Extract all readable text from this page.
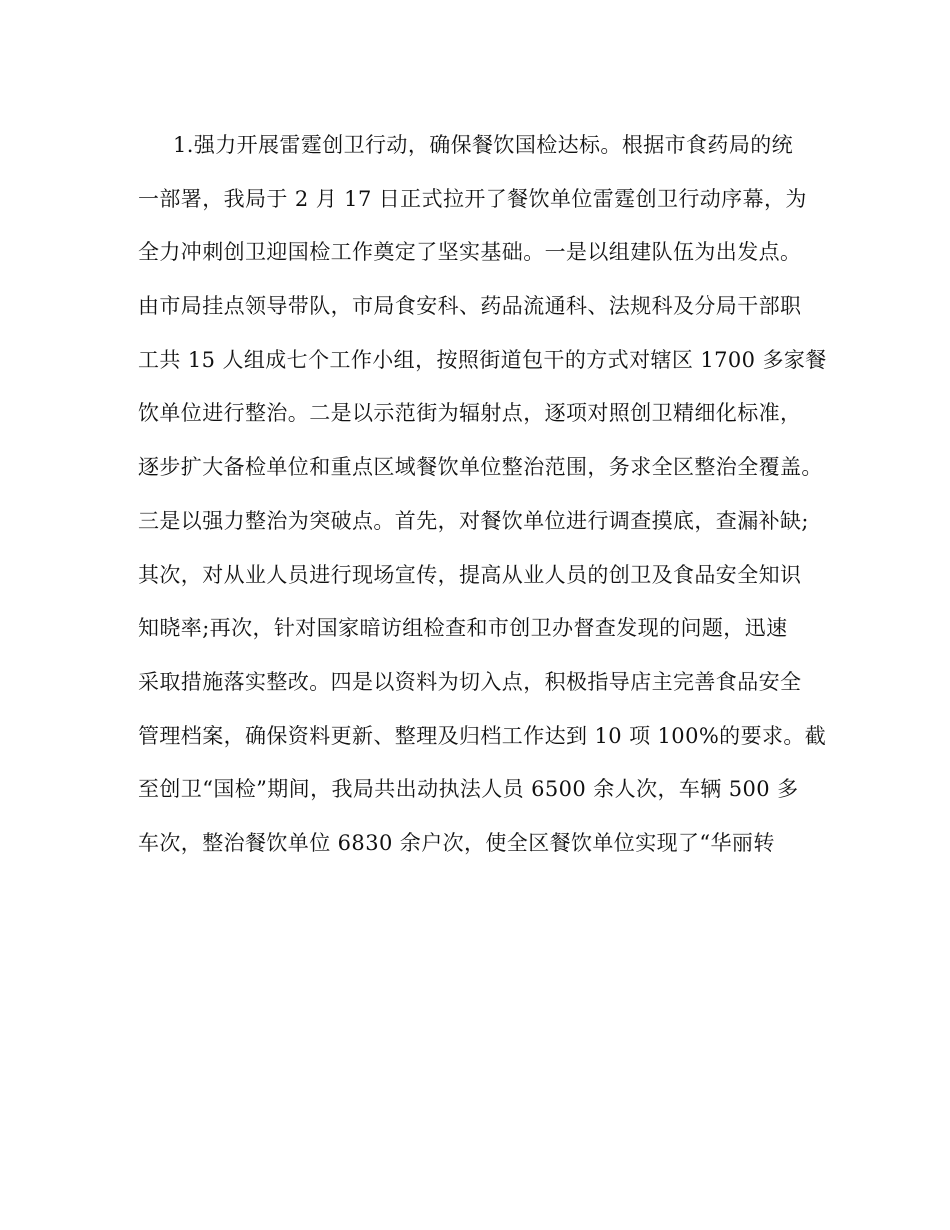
1.强力开展雷霆创卫行动，确保餐饮国检达标。根据市食药局的统
一部署，我局于 2 月 17 日正式拉开了餐饮单位雷霆创卫行动序幕，为
全力冲刺创卫迎国检工作奠定了坚实基础。一是以组建队伍为出发点。
由市局挂点领导带队，市局食安科、药品流通科、法规科及分局干部职
工共 15 人组成七个工作小组，按照街道包干的方式对辖区 1700 多家餐
饮单位进行整治。二是以示范街为辐射点，逐项对照创卫精细化标准，
逐步扩大备检单位和重点区域餐饮单位整治范围，务求全区整治全覆盖。
三是以强力整治为突破点。首先，对餐饮单位进行调查摸底，查漏补缺;
其次，对从业人员进行现场宣传，提高从业人员的创卫及食品安全知识
知晓率;再次，针对国家暗访组检查和市创卫办督查发现的问题，迅速
采取措施落实整改。四是以资料为切入点，积极指导店主完善食品安全
管理档案，确保资料更新、整理及归档工作达到 10 项 100%的要求。截
至创卫“国检”期间，我局共出动执法人员 6500 余人次，车辆 500 多
车次，整治餐饮单位 6830 余户次，使全区餐饮单位实现了“华丽转
